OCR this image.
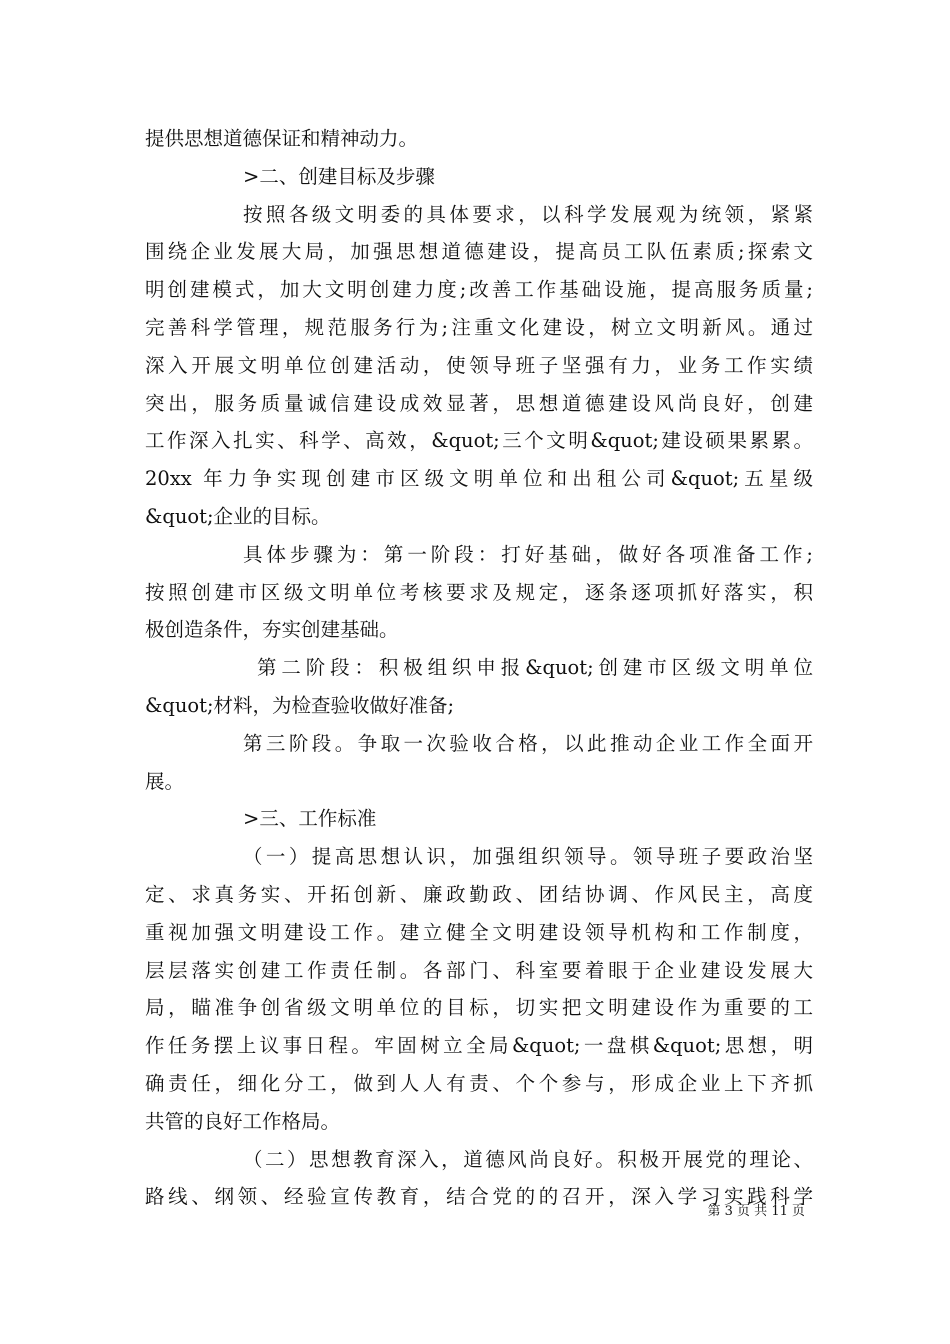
提供思想道德保证和精神动力。
>二、创建目标及步骤
按照各级文明委的具体要求，以科学发展观为统领，紧紧
围绕企业发展大局，加强思想道德建设，提高员工队伍素质;探索文
明创建模式，加大文明创建力度;改善工作基础设施，提高服务质量;
完善科学管理，规范服务行为;注重文化建设，树立文明新风。通过
深入开展文明单位创建活动，使领导班子坚强有力，业务工作实绩
突出，服务质量诚信建设成效显著，思想道德建设风尚良好，创建
工作深入扎实、科学、高效，&quot;三个文明&quot;建设硕果累累。
20xx 年力争实现创建市区级文明单位和出租公司&quot;五星级
&quot;企业的目标。
具体步骤为：第一阶段：打好基础，做好各项准备工作;
按照创建市区级文明单位考核要求及规定，逐条逐项抓好落实，积
极创造条件，夯实创建基础。
第二阶段：积极组织申报&quot;创建市区级文明单位
&quot;材料，为检查验收做好准备;
第三阶段。争取一次验收合格，以此推动企业工作全面开
展。
>三、工作标准
（一）提高思想认识，加强组织领导。领导班子要政治坚
定、求真务实、开拓创新、廉政勤政、团结协调、作风民主，高度
重视加强文明建设工作。建立健全文明建设领导机构和工作制度，
层层落实创建工作责任制。各部门、科室要着眼于企业建设发展大
局，瞄准争创省级文明单位的目标，切实把文明建设作为重要的工
作任务摆上议事日程。牢固树立全局&quot;一盘棋&quot;思想，明
确责任，细化分工，做到人人有责、个个参与，形成企业上下齐抓
共管的良好工作格局。
（二）思想教育深入，道德风尚良好。积极开展党的理论、
路线、纲领、经验宣传教育，结合党的的召开，深入学习实践科学
第 3 页 共 11 页
